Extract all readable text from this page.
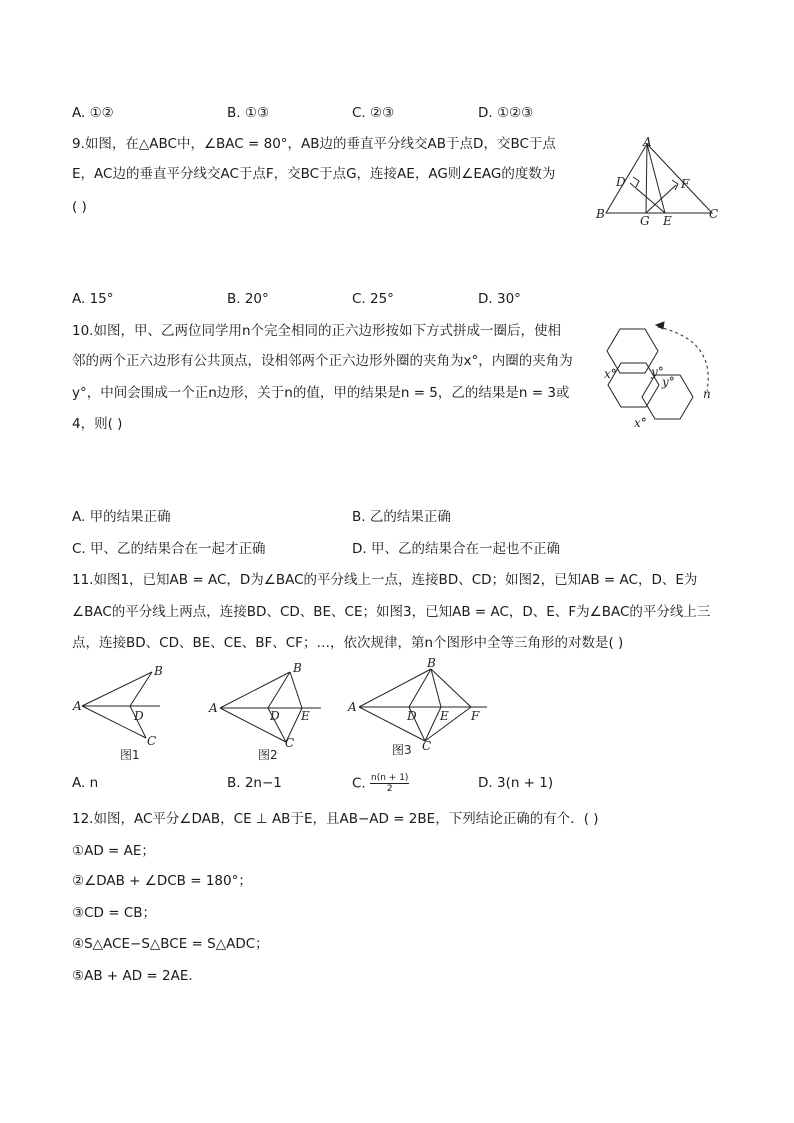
A. ①②	B. ①③	C. ②③	D. ①②③
9.如图，在△ABC中，∠BAC = 80°，AB边的垂直平分线交AB于点D，交BC于点
E，AC边的垂直平分线交AC于点F，交BC于点G，连接AE，AG则∠EAG的度数为
( )
A
B	C
D	F
G E
A. 15°	B. 20°	C. 25°	D. 30°
10.如图，甲、乙两位同学用n个完全相同的正六边形按如下方式拼成一圈后，使相
邻的两个正六边形有公共顶点，设相邻两个正六边形外圈的夹角为x°，内圈的夹角为
y°，中间会围成一个正n边形，关于n的值，甲的结果是n = 5，乙的结果是n = 3或
4，则( )
x°	y°
y°
x°
n
A. 甲的结果正确	B. 乙的结果正确
C. 甲、乙的结果合在一起才正确	D. 甲、乙的结果合在一起也不正确
11.如图1，已知AB = AC，D为∠BAC的平分线上一点，连接BD、CD；如图2，已知AB = AC，D、E为
∠BAC的平分线上两点，连接BD、CD、BE、CE；如图3，已知AB = AC，D、E、F为∠BAC的平分线上三
点，连接BD、CD、BE、CE、BF、CF；…，依次规律，第n个图形中全等三角形的对数是( )
A
B
D
C
图1
A
B
D E
C
图2
A
B
D E F
C
图3
A. n	B. 2n−1	C. $\frac{n(n + 1)}{2}$	D. 3(n + 1)
12.如图，AC平分∠DAB，CE ⊥ AB于E，且AB−AD = 2BE，下列结论正确的有个．( )
①AD = AE；
②∠DAB + ∠DCB = 180°；
③CD = CB；
④S△ACE−S△BCE = S△ADC；
⑤AB + AD = 2AE.
